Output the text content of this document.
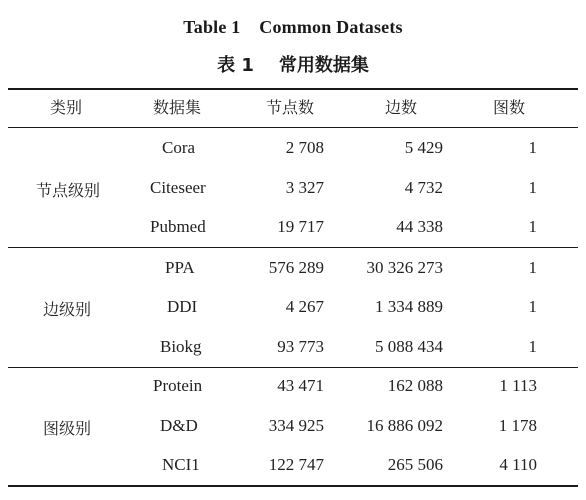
Table 1    Common Datasets
表 1    常用数据集
类别	数据集	节点数	边数	图数
节点级别
Cora	2 708	5 429	1
Citeseer	3 327	4 732	1
Pubmed	19 717	44 338	1
边级别
PPA	576 289	30 326 273	1
DDI	4 267	1 334 889	1
Biokg	93 773	5 088 434	1
图级别
Protein	43 471	162 088	1 113
D&D	334 925	16 886 092	1 178
NCI1	122 747	265 506	4 110
